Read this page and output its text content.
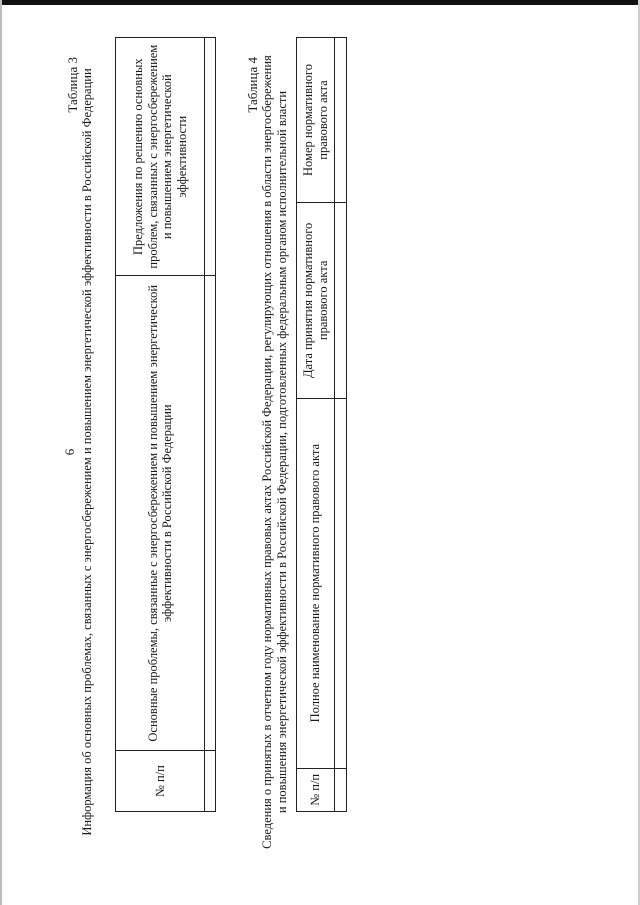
6
Таблица 3 Информация об основных проблемах, связанных с энергосбережением и повышением энергетической эффективности в Российской Федерации	№ п/п	Основные проблемы, связанные с энергосбережением и повышением энергетической эффективности в Российской Федерации	Предложения по решению основных проблем, связанных с энергосбережением и повышением энергетической эффективности

Таблица 4 Сведения о принятых в отчетном году нормативных правовых актах Российской Федерации, регулирующих отношения в области энергосбережения и повышения энергетической эффективности в Российской Федерации, подготовленных федеральным органом исполнительной власти № п/п	Полное наименование нормативного правового акта	Дата принятия нормативного правового акта	Номер нормативного правового акта
